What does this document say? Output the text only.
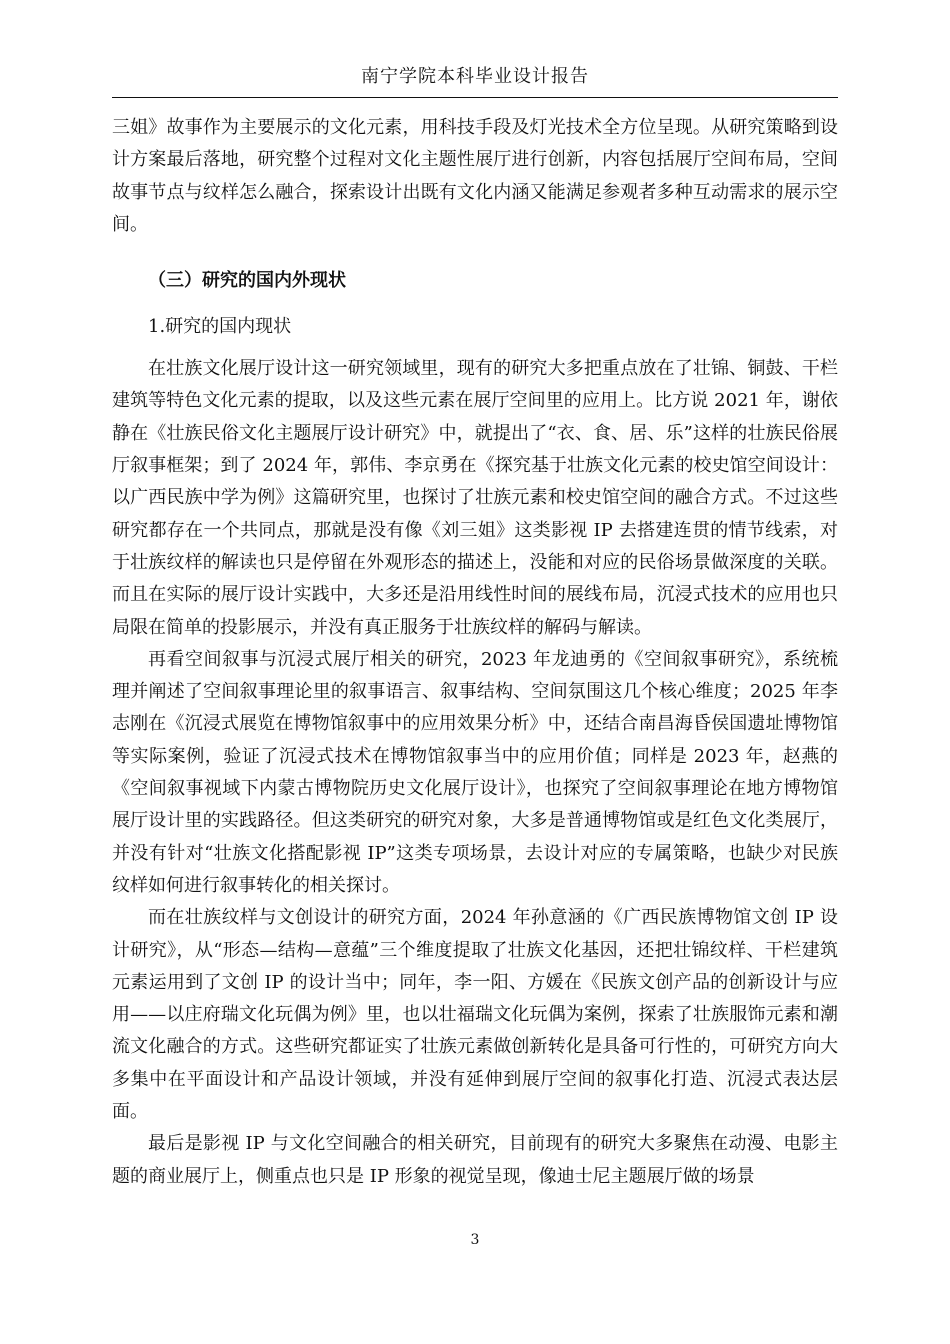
南宁学院本科毕业设计报告

三姐》故事作为主要展示的文化元素，用科技手段及灯光技术全方位呈现。从研究策略到设计方案最后落地，研究整个过程对文化主题性展厅进行创新，内容包括展厅空间布局，空间故事节点与纹样怎么融合，探索设计出既有文化内涵又能满足参观者多种互动需求的展示空间。

（三）研究的国内外现状

1.研究的国内现状

在壮族文化展厅设计这一研究领域里，现有的研究大多把重点放在了壮锦、铜鼓、干栏建筑等特色文化元素的提取，以及这些元素在展厅空间里的应用上。比方说 2021 年，谢依静在《壮族民俗文化主题展厅设计研究》中，就提出了“衣、食、居、乐”这样的壮族民俗展厅叙事框架；到了 2024 年，郭伟、李京勇在《探究基于壮族文化元素的校史馆空间设计：以广西民族中学为例》这篇研究里，也探讨了壮族元素和校史馆空间的融合方式。不过这些研究都存在一个共同点，那就是没有像《刘三姐》这类影视 IP 去搭建连贯的情节线索，对于壮族纹样的解读也只是停留在外观形态的描述上，没能和对应的民俗场景做深度的关联。而且在实际的展厅设计实践中，大多还是沿用线性时间的展线布局，沉浸式技术的应用也只局限在简单的投影展示，并没有真正服务于壮族纹样的解码与解读。

再看空间叙事与沉浸式展厅相关的研究，2023 年龙迪勇的《空间叙事研究》，系统梳理并阐述了空间叙事理论里的叙事语言、叙事结构、空间氛围这几个核心维度；2025 年李志刚在《沉浸式展览在博物馆叙事中的应用效果分析》中，还结合南昌海昏侯国遗址博物馆等实际案例，验证了沉浸式技术在博物馆叙事当中的应用价值；同样是 2023 年，赵燕的《空间叙事视域下内蒙古博物院历史文化展厅设计》，也探究了空间叙事理论在地方博物馆展厅设计里的实践路径。但这类研究的研究对象，大多是普通博物馆或是红色文化类展厅，并没有针对“壮族文化搭配影视 IP”这类专项场景，去设计对应的专属策略，也缺少对民族纹样如何进行叙事转化的相关探讨。

而在壮族纹样与文创设计的研究方面，2024 年孙意涵的《广西民族博物馆文创 IP 设计研究》，从“形态—结构—意蕴”三个维度提取了壮族文化基因，还把壮锦纹样、干栏建筑元素运用到了文创 IP 的设计当中；同年，李一阳、方媛在《民族文创产品的创新设计与应用——以庄府瑞文化玩偶为例》里，也以壮福瑞文化玩偶为案例，探索了壮族服饰元素和潮流文化融合的方式。这些研究都证实了壮族元素做创新转化是具备可行性的，可研究方向大多集中在平面设计和产品设计领域，并没有延伸到展厅空间的叙事化打造、沉浸式表达层面。

最后是影视 IP 与文化空间融合的相关研究，目前现有的研究大多聚焦在动漫、电影主题的商业展厅上，侧重点也只是 IP 形象的视觉呈现，像迪士尼主题展厅做的场景

3
